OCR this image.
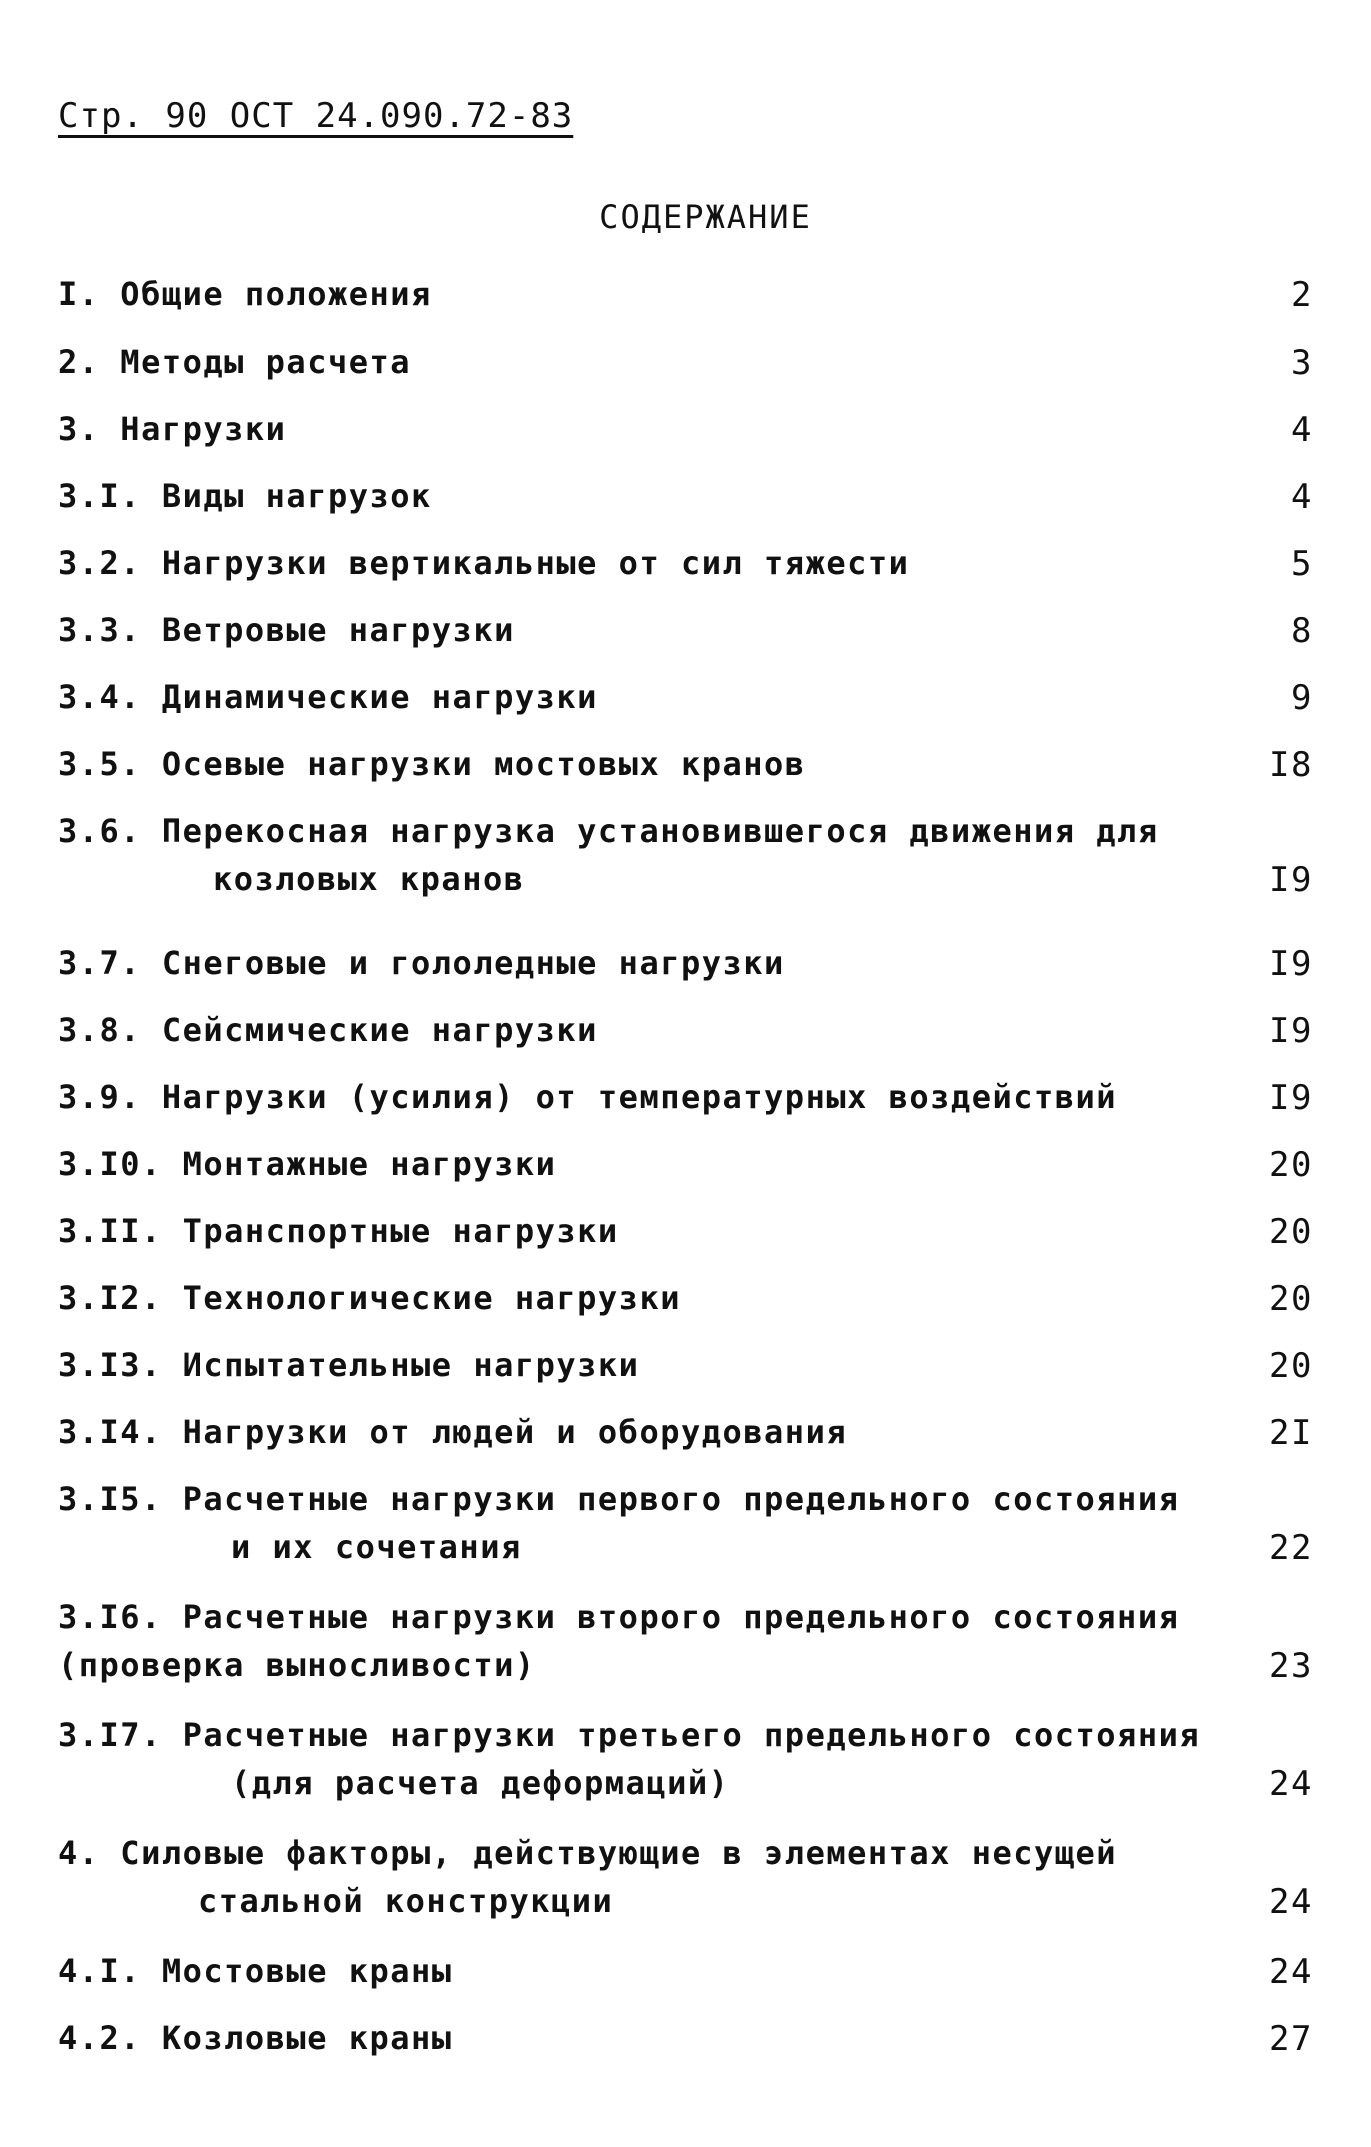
Стр. 90 ОСТ 24.090.72-83
СОДЕРЖАНИЕ
I. Общие положения	2
2. Методы расчета	3
3. Нагрузки	4
3.I. Виды нагрузок	4
3.2. Нагрузки вертикальные от сил тяжести	5
3.3. Ветровые нагрузки	8
3.4. Динамические нагрузки	9
3.5. Осевые нагрузки мостовых кранов	I8
3.6. Перекосная нагрузка установившегося движения для
козловых кранов	I9
3.7. Снеговые и гололедные нагрузки	I9
3.8. Сейсмические нагрузки	I9
3.9. Нагрузки (усилия) от температурных воздействий	I9
3.I0. Монтажные нагрузки	20
3.II. Транспортные нагрузки	20
3.I2. Технологические нагрузки	20
3.I3. Испытательные нагрузки	20
3.I4. Нагрузки от людей и оборудования	2I
3.I5. Расчетные нагрузки первого предельного состояния
и их сочетания	22
3.I6. Расчетные нагрузки второго предельного состояния
(проверка выносливости)	23
3.I7. Расчетные нагрузки третьего предельного состояния
(для расчета деформаций)	24
4. Силовые факторы, действующие в элементах несущей
стальной конструкции	24
4.I. Мостовые краны	24
4.2. Козловые краны	27
